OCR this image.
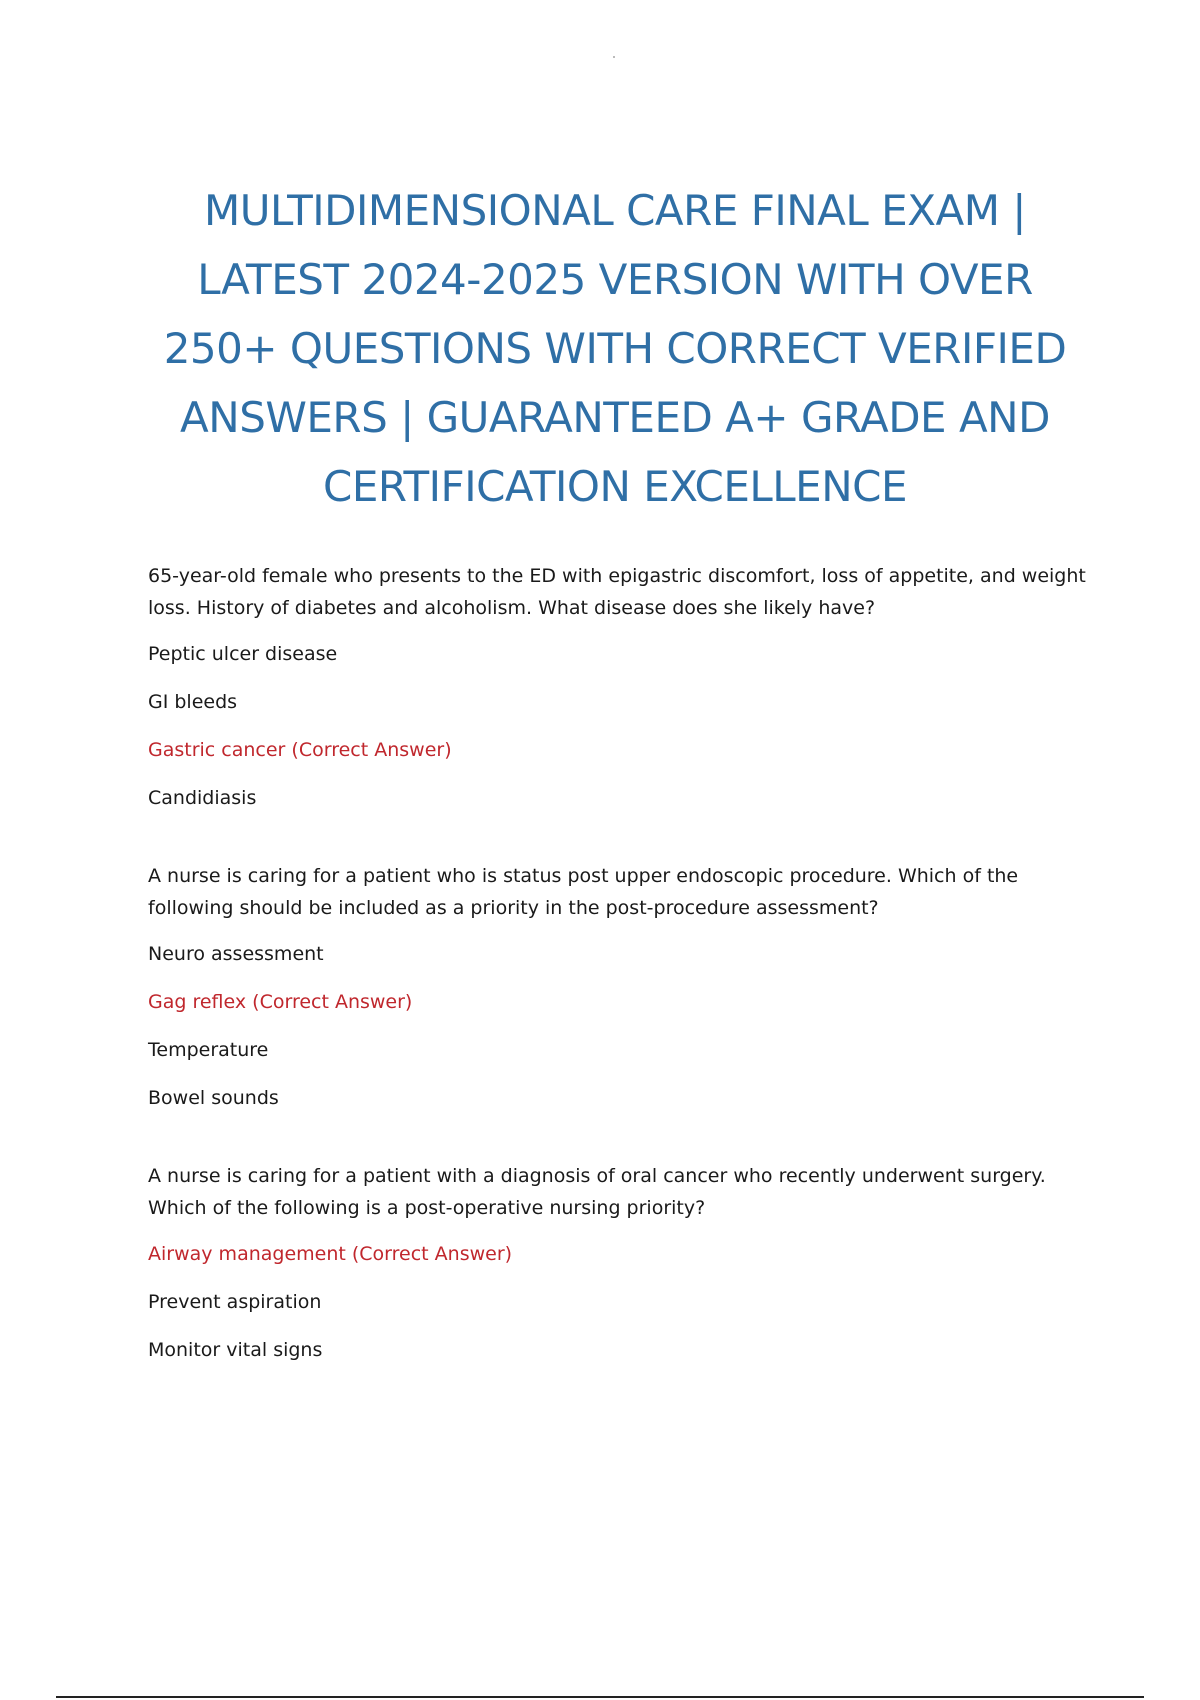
MULTIDIMENSIONAL CARE FINAL EXAM |
LATEST 2024-2025 VERSION WITH OVER
250+ QUESTIONS WITH CORRECT VERIFIED
ANSWERS | GUARANTEED A+ GRADE AND
CERTIFICATION EXCELLENCE
65-year-old female who presents to the ED with epigastric discomfort, loss of appetite, and weight loss. History of diabetes and alcoholism. What disease does she likely have?
Peptic ulcer disease
GI bleeds
Gastric cancer (Correct Answer)
Candidiasis
A nurse is caring for a patient who is status post upper endoscopic procedure. Which of the following should be included as a priority in the post-procedure assessment?
Neuro assessment
Gag reflex (Correct Answer)
Temperature
Bowel sounds
A nurse is caring for a patient with a diagnosis of oral cancer who recently underwent surgery. Which of the following is a post-operative nursing priority?
Airway management (Correct Answer)
Prevent aspiration
Monitor vital signs
